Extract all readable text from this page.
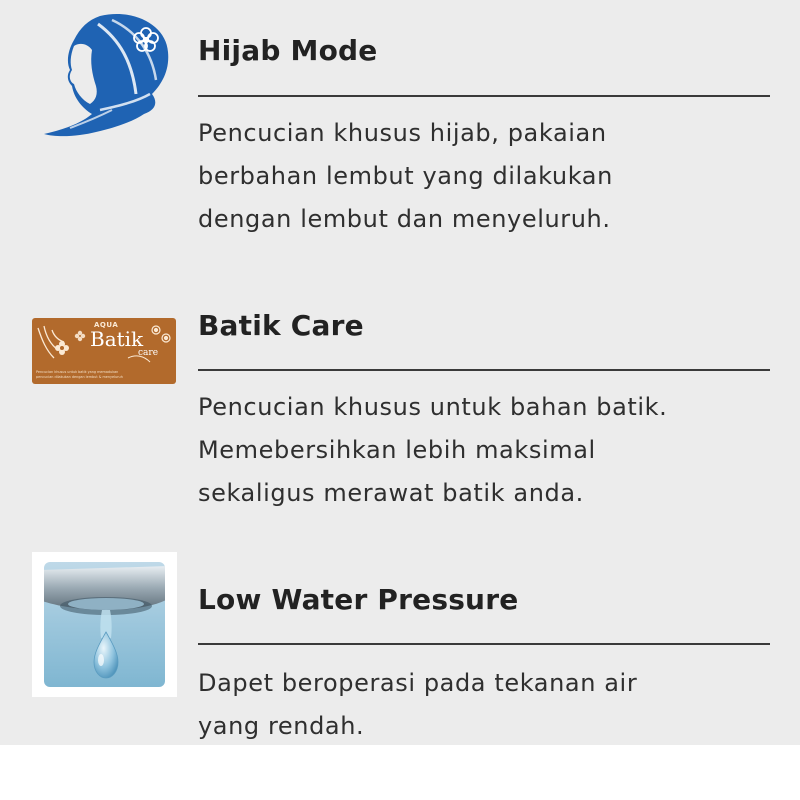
Hijab Mode
Pencucian khusus hijab, pakaian
berbahan lembut yang dilakukan
dengan lembut dan menyeluruh.
AQUA
Batik
care
Pencucian khusus untuk batik yang memadukan
pencucian dilakukan dengan lembut & menyeluruh
Batik Care
Pencucian khusus untuk bahan batik.
Memebersihkan lebih maksimal
sekaligus merawat batik anda.
Low Water Pressure
Dapet beroperasi pada tekanan air
yang rendah.
